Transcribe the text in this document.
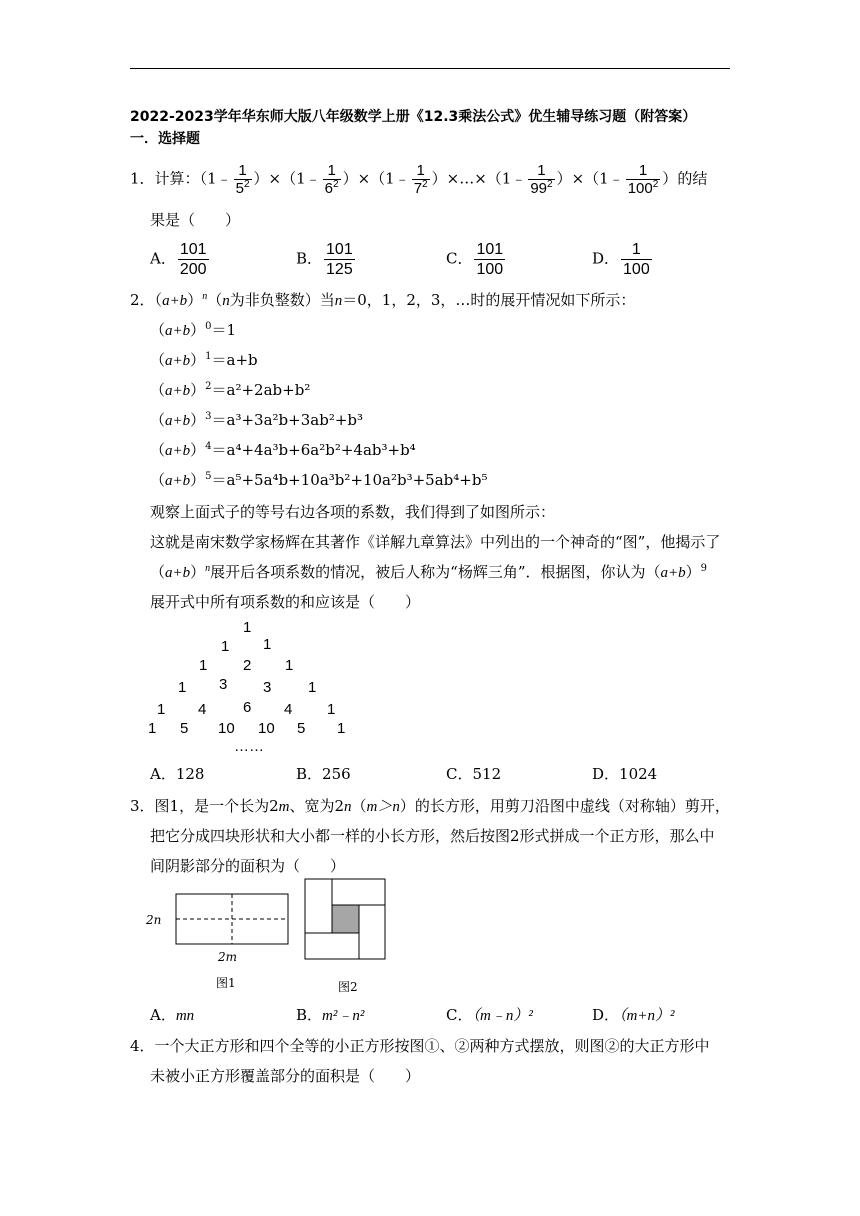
2022-2023学年华东师大版八年级数学上册《12.3乘法公式》优生辅导练习题（附答案）
一．选择题
1．计算：（1﹣ $\frac{1}{5^2}$ ）×（1﹣ $\frac{1}{6^2}$ ）×（1﹣ $\frac{1}{7^2}$ ）×…×（1﹣ $\frac{1}{99^2}$ ）×（1﹣ $\frac{1}{100^2}$ ）的结
果是（　　）
A． $\frac{101}{200}$	B． $\frac{101}{125}$	C． $\frac{101}{100}$	D． $\frac{1}{100}$
2．$(a+b)^n(n$为非负整数）当n＝0，1，2，3，…时的展开情况如下所示：
$(a+b)^0=1$
$(a+b)^1=a+b$
$(a+b)^2=a^2+2ab+b^2$
$(a+b)^3=a^3+3a^2b+3ab^2+b^3$
$(a+b)^4=a^4+4a^3b+6a^2b^2+4ab^3+b^4$
$(a+b)^5=a^5+5a^4b+10a^3b^2+10a^2b^3+5ab^4+b^5$
观察上面式子的等号右边各项的系数，我们得到了如图所示：
这就是南宋数学家杨辉在其著作《详解九章算法》中列出的一个神奇的“图”，他揭示了
$(a+b)^n$展开后各项系数的情况，被后人称为“杨辉三角”．根据图，你认为$(a+b)^9$
展开式中所有项系数的和应该是（　　）
1
1 1
1 2 1
1 3 3 1
1 4 6 4 1
1 5 10 10 5 1
……
A．128	B．256	C．512	D．1024
3．图1，是一个长为2m、宽为2n（m＞n）的长方形，用剪刀沿图中虚线（对称轴）剪开，
把它分成四块形状和大小都一样的小长方形，然后按图2形式拼成一个正方形，那么中
间阴影部分的面积为（　　）
2n
2m
图1	图2
A．mn	B．m²﹣n²	C．（m﹣n）²	D．（m+n）²
4．一个大正方形和四个全等的小正方形按图①、②两种方式摆放，则图②的大正方形中
未被小正方形覆盖部分的面积是（　　）
